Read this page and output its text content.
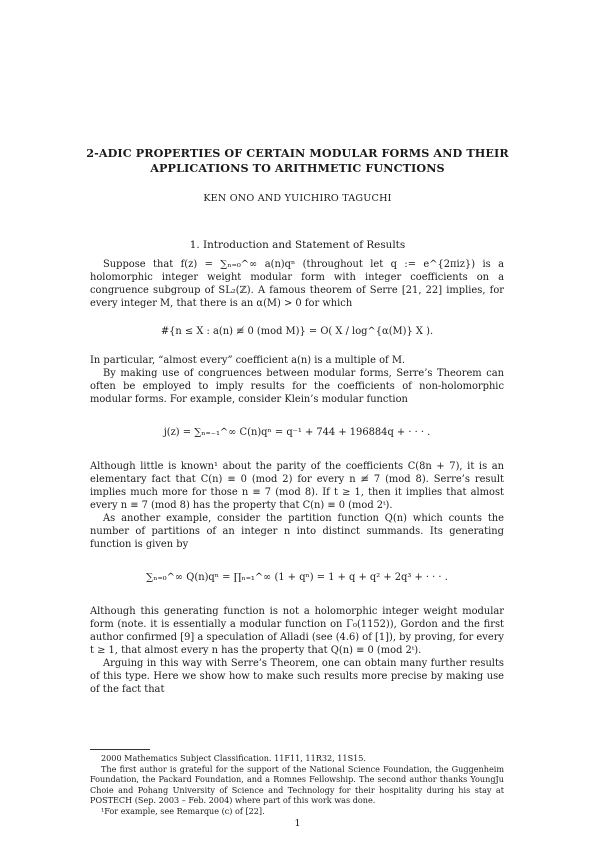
2-ADIC PROPERTIES OF CERTAIN MODULAR FORMS AND THEIR
APPLICATIONS TO ARITHMETIC FUNCTIONS
KEN ONO AND YUICHIRO TAGUCHI
1. Introduction and Statement of Results

Suppose that f(z) = ∑ₙ₌₀^∞ a(n)qⁿ (throughout let q := e^{2πiz}) is a holomorphic integer weight modular form with integer coefficients on a congruence subgroup of SL₂(ℤ). A famous theorem of Serre [21, 22] implies, for every integer M, that there is an α(M) > 0 for which

#{n ≤ X : a(n) ≢ 0 (mod M)} = O( X / log^{α(M)} X ).

In particular, “almost every” coefficient a(n) is a multiple of M.

By making use of congruences between modular forms, Serre’s Theorem can often be employed to imply results for the coefficients of non-holomorphic modular forms. For example, consider Klein’s modular function

j(z) = ∑ₙ₌₋₁^∞ C(n)qⁿ = q⁻¹ + 744 + 196884q + · · · .

Although little is known¹ about the parity of the coefficients C(8n + 7), it is an elementary fact that C(n) ≡ 0 (mod 2) for every n ≢ 7 (mod 8). Serre’s result implies much more for those n ≡ 7 (mod 8). If t ≥ 1, then it implies that almost every n ≡ 7 (mod 8) has the property that C(n) ≡ 0 (mod 2ᵗ).

As another example, consider the partition function Q(n) which counts the number of partitions of an integer n into distinct summands. Its generating function is given by

∑ₙ₌₀^∞ Q(n)qⁿ = ∏ₙ₌₁^∞ (1 + qⁿ) = 1 + q + q² + 2q³ + · · · .

Although this generating function is not a holomorphic integer weight modular form (note. it is essentially a modular function on Γ₀(1152)), Gordon and the first author confirmed [9] a speculation of Alladi (see (4.6) of [1]), by proving, for every t ≥ 1, that almost every n has the property that Q(n) ≡ 0 (mod 2ᵗ).

Arguing in this way with Serre’s Theorem, one can obtain many further results of this type. Here we show how to make such results more precise by making use of the fact that

2000 Mathematics Subject Classification. 11F11, 11R32, 11S15.

The first author is grateful for the support of the National Science Foundation, the Guggenheim Foundation, the Packard Foundation, and a Romnes Fellowship. The second author thanks YoungJu Choie and Pohang University of Science and Technology for their hospitality during his stay at POSTECH (Sep. 2003 – Feb. 2004) where part of this work was done.

¹For example, see Remarque (c) of [22].

1
